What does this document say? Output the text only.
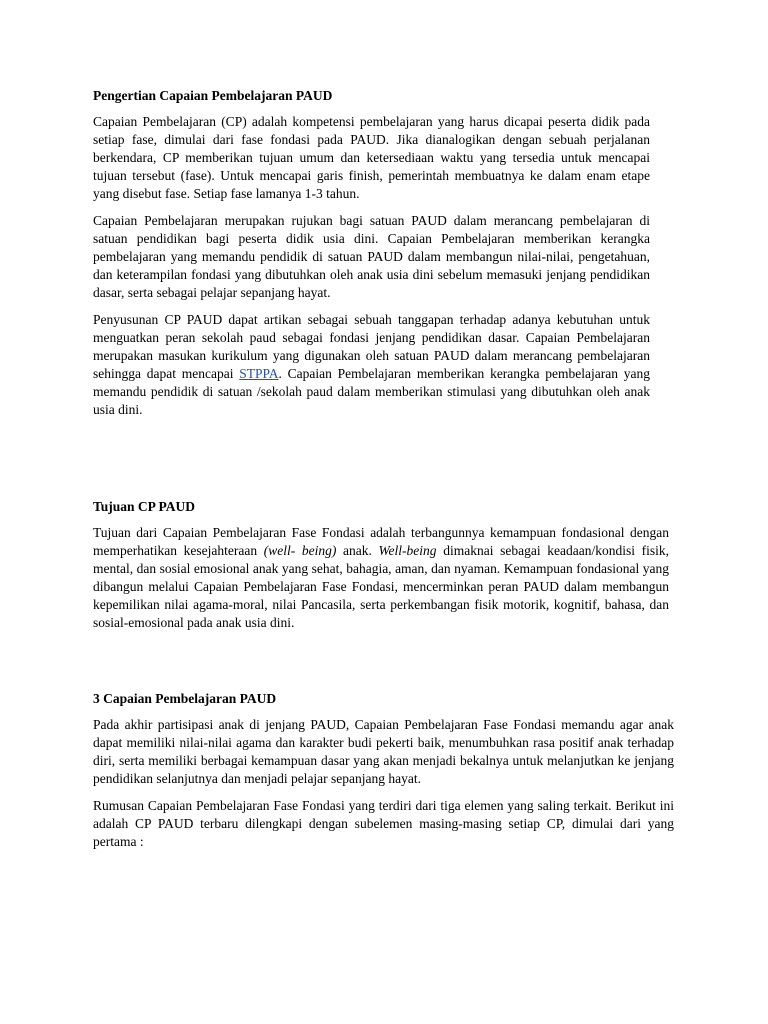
Pengertian Capaian Pembelajaran PAUD

Capaian Pembelajaran (CP) adalah kompetensi pembelajaran yang harus dicapai peserta didik pada setiap fase, dimulai dari fase fondasi pada PAUD. Jika dianalogikan dengan sebuah perjalanan berkendara, CP memberikan tujuan umum dan ketersediaan waktu yang tersedia untuk mencapai tujuan tersebut (fase). Untuk mencapai garis finish, pemerintah membuatnya ke dalam enam etape yang disebut fase. Setiap fase lamanya 1-3 tahun.

Capaian Pembelajaran merupakan rujukan bagi satuan PAUD dalam merancang pembelajaran di satuan pendidikan bagi peserta didik usia dini. Capaian Pembelajaran memberikan kerangka pembelajaran yang memandu pendidik di satuan PAUD dalam membangun nilai-nilai, pengetahuan, dan keterampilan fondasi yang dibutuhkan oleh anak usia dini sebelum memasuki jenjang pendidikan dasar, serta sebagai pelajar sepanjang hayat.

Penyusunan CP PAUD dapat artikan sebagai sebuah tanggapan terhadap adanya kebutuhan untuk menguatkan peran sekolah paud sebagai fondasi jenjang pendidikan dasar. Capaian Pembelajaran merupakan masukan kurikulum yang digunakan oleh satuan PAUD dalam merancang pembelajaran sehingga dapat mencapai STPPA. Capaian Pembelajaran memberikan kerangka pembelajaran yang memandu pendidik di satuan /sekolah paud dalam memberikan stimulasi yang dibutuhkan oleh anak usia dini.

Tujuan CP PAUD

Tujuan dari Capaian Pembelajaran Fase Fondasi adalah terbangunnya kemampuan fondasional dengan memperhatikan kesejahteraan (well- being) anak. Well-being dimaknai sebagai keadaan/kondisi fisik, mental, dan sosial emosional anak yang sehat, bahagia, aman, dan nyaman. Kemampuan fondasional yang dibangun melalui Capaian Pembelajaran Fase Fondasi, mencerminkan peran PAUD dalam membangun kepemilikan nilai agama-moral, nilai Pancasila, serta perkembangan fisik motorik, kognitif, bahasa, dan sosial-emosional pada anak usia dini.

3 Capaian Pembelajaran PAUD

Pada akhir partisipasi anak di jenjang PAUD, Capaian Pembelajaran Fase Fondasi memandu agar anak dapat memiliki nilai-nilai agama dan karakter budi pekerti baik, menumbuhkan rasa positif anak terhadap diri, serta memiliki berbagai kemampuan dasar yang akan menjadi bekalnya untuk melanjutkan ke jenjang pendidikan selanjutnya dan menjadi pelajar sepanjang hayat.

Rumusan Capaian Pembelajaran Fase Fondasi yang terdiri dari tiga elemen yang saling terkait. Berikut ini adalah CP PAUD terbaru dilengkapi dengan subelemen masing-masing setiap CP, dimulai dari yang pertama :
